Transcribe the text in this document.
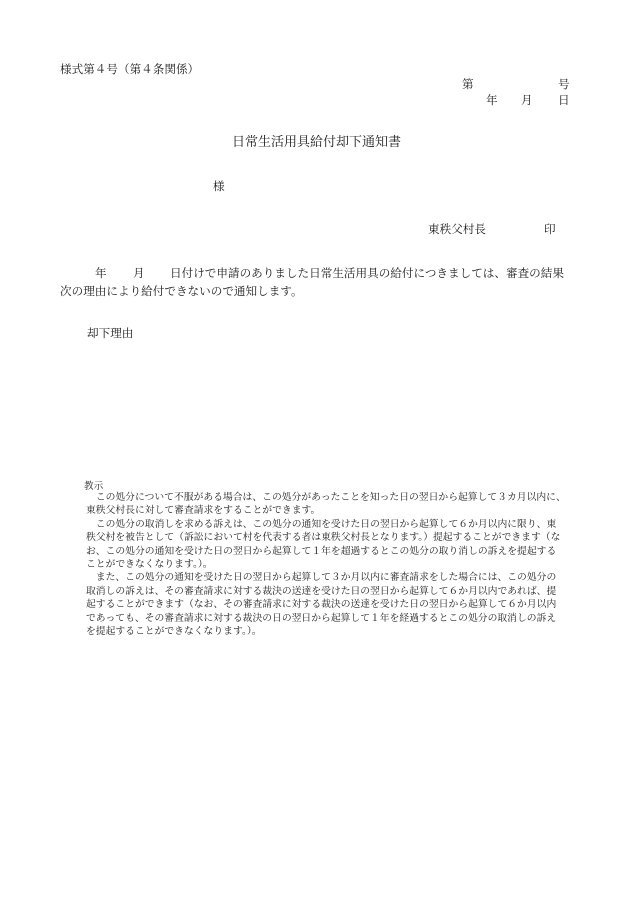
様式第４号（第４条関係）
第	号
年 月 日
日常生活用具給付却下通知書
様
東秩父村長	印
年 月 日付けで申請のありました日常生活用具の給付につきましては、審査の結果
次の理由により給付できないので通知します。
却下理由
教示
この処分について不服がある場合は、この処分があったことを知った日の翌日から起算して３カ月以内に、
東秩父村長に対して審査請求をすることができます。
この処分の取消しを求める訴えは、この処分の通知を受けた日の翌日から起算して６か月以内に限り、東
秩父村を被告として（訴訟において村を代表する者は東秩父村長となります。）提起することができます（な
お、この処分の通知を受けた日の翌日から起算して１年を超過するとこの処分の取り消しの訴えを提起する
ことができなくなります。）。
また、この処分の通知を受けた日の翌日から起算して３か月以内に審査請求をした場合には、この処分の
取消しの訴えは、その審査請求に対する裁決の送達を受けた日の翌日から起算して６か月以内であれば、提
起することができます（なお、その審査請求に対する裁決の送達を受けた日の翌日から起算して６か月以内
であっても、その審査請求に対する裁決の日の翌日から起算して１年を経過するとこの処分の取消しの訴え
を提起することができなくなります。）。
